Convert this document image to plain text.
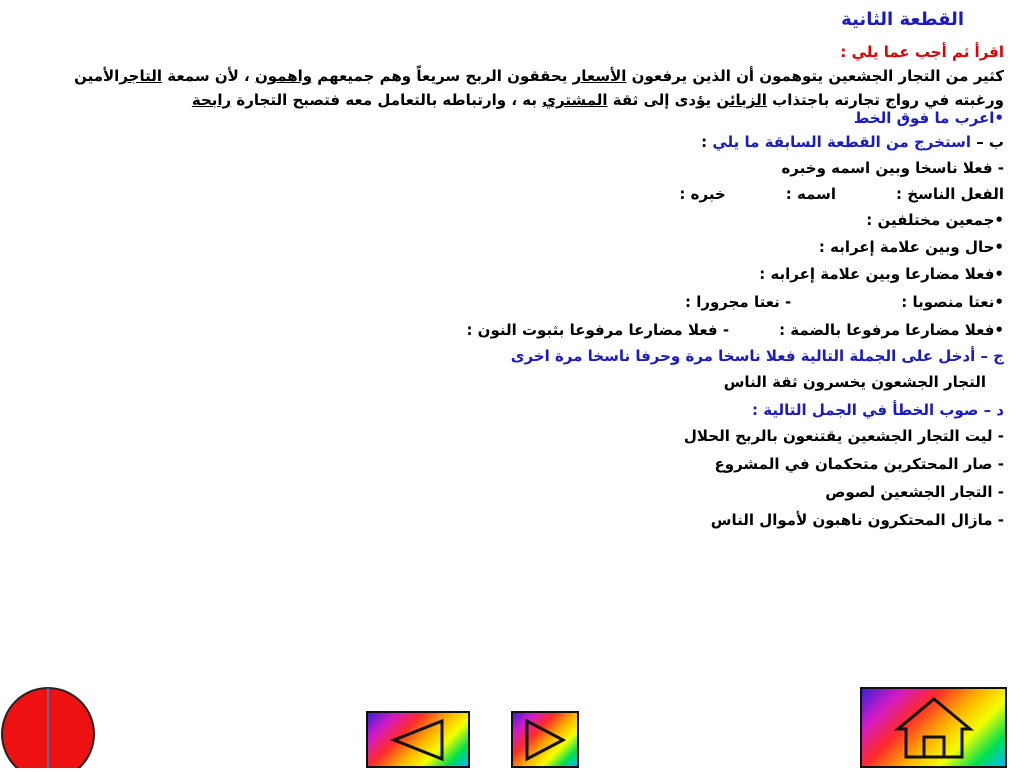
القطعة الثانية
اقرأ ثم أجب عما يلي :
كثير من التجار الجشعين يتوهمون أن الذين يرفعون الأسعار يحققون الربح سريعاً وهم جميعهم واهمون ، لأن سمعة التاجرالأمين
ورغبته في رواج تجارته باجتذاب الزبائن يؤدى إلى ثقة المشتري به ، وارتباطه بالتعامل معه فتصبح التجارة رابحة
•اعرب ما فوق الخط
ب – استخرج من القطعة السابقة ما يلي :
- فعلا ناسخا وبين اسمه وخبره
الفعل الناسخ :اسمه :خبره :
•جمعين مختلفين :
•حال وبين علامة إعرابه :
•فعلا مضارعا وبين علامة إعرابه :
•نعتا منصوبا :- نعتا مجرورا :
•فعلا مضارعا مرفوعا بالضمة :- فعلا مضارعا مرفوعا بثبوت النون :
ج – أدخل على الجملة التالية فعلا ناسخا مرة وحرفا ناسخا مرة اخرى
التجار الجشعون يخسرون ثقة الناس
د – صوب الخطأ في الجمل التالية :
- ليت التجار الجشعين يقتنعون بالربح الحلال
- صار المحتكرين متحكمان في المشروع
- التجار الجشعين لصوص
- مازال المحتكرون ناهبون لأموال الناس
